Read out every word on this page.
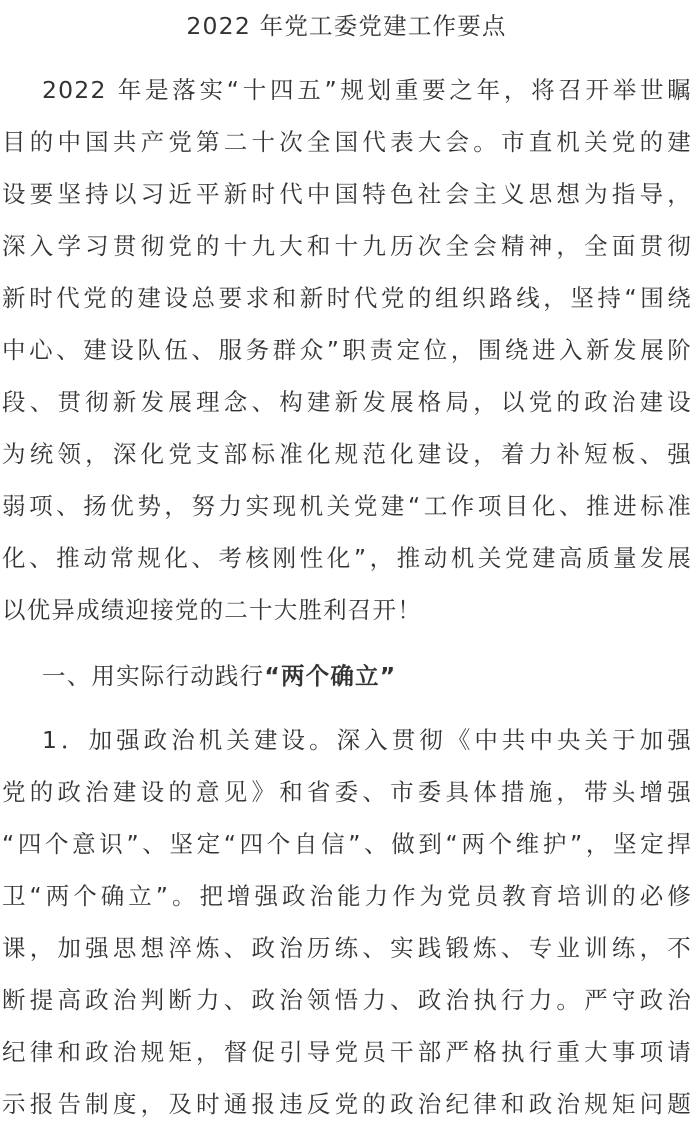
2022 年党工委党建工作要点

2022 年是落实“十四五”规划重要之年，将召开举世瞩

目的中国共产党第二十次全国代表大会。市直机关党的建

设要坚持以习近平新时代中国特色社会主义思想为指导，

深入学习贯彻党的十九大和十九历次全会精神，全面贯彻

新时代党的建设总要求和新时代党的组织路线，坚持“围绕

中心、建设队伍、服务群众”职责定位，围绕进入新发展阶

段、贯彻新发展理念、构建新发展格局，以党的政治建设

为统领，深化党支部标准化规范化建设，着力补短板、强

弱项、扬优势，努力实现机关党建“工作项目化、推进标准

化、推动常规化、考核刚性化”，推动机关党建高质量发展

以优异成绩迎接党的二十大胜利召开！

一、用实际行动践行“两个确立”

1．加强政治机关建设。深入贯彻《中共中央关于加强

党的政治建设的意见》和省委、市委具体措施，带头增强

“四个意识”、坚定“四个自信”、做到“两个维护”，坚定捍

卫“两个确立”。把增强政治能力作为党员教育培训的必修

课，加强思想淬炼、政治历练、实践锻炼、专业训练，不

断提高政治判断力、政治领悟力、政治执行力。严守政治

纪律和政治规矩，督促引导党员干部严格执行重大事项请

示报告制度，及时通报违反党的政治纪律和政治规矩问题
